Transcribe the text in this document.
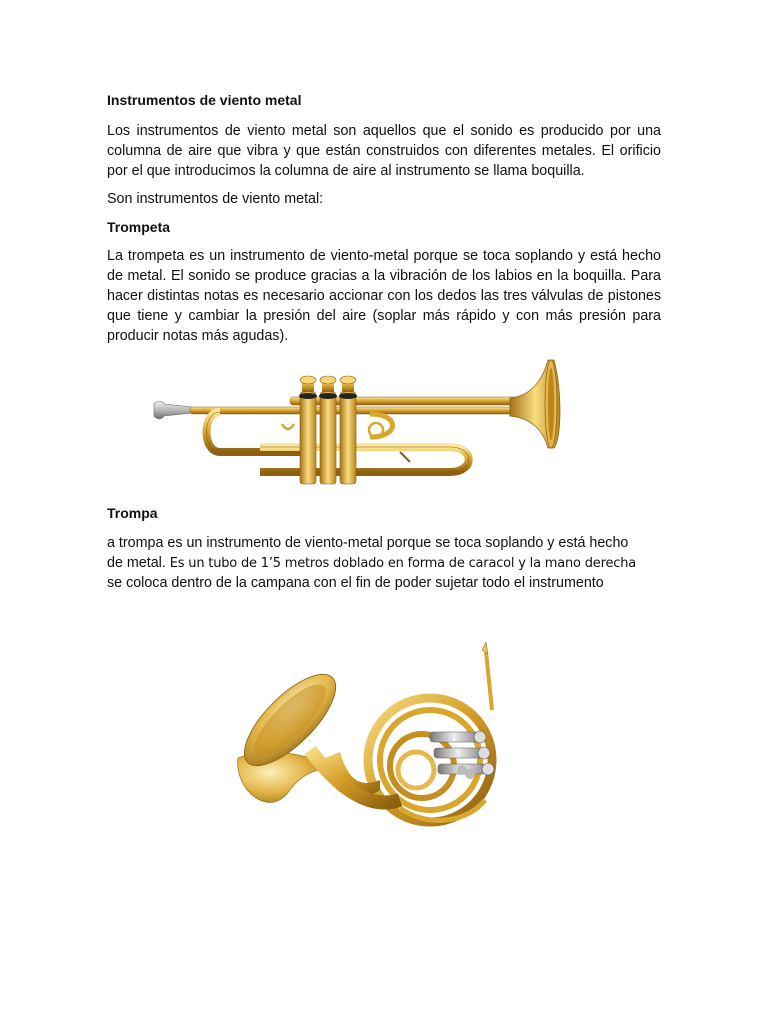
Instrumentos de viento metal

Los instrumentos de viento metal son aquellos que el sonido es producido por una columna de aire que vibra y que están construidos con diferentes metales. El orificio por el que introducimos la columna de aire al instrumento se llama boquilla.

Son instrumentos de viento metal:

Trompeta

La trompeta es un instrumento de viento-metal porque se toca soplando y está hecho de metal. El sonido se produce gracias a la vibración de los labios en la boquilla. Para hacer distintas notas es necesario accionar con los dedos las tres válvulas de pistones que tiene y cambiar la presión del aire (soplar más rápido y con más presión para producir notas más agudas).

Trompa

a trompa es un instrumento de viento-metal porque se toca soplando y está hecho

de metal. Es un tubo de 1’5 metros doblado en forma de caracol y la mano derecha

se coloca dentro de la campana con el fin de poder sujetar todo el instrumento
